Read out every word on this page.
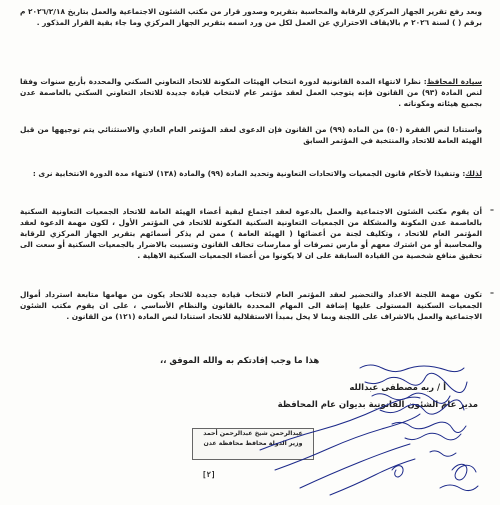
وبعد رفع تقرير الجهاز المركزي للرقابة والمحاسبة بتقريره وصدور قرار من مكتب الشئون الاجتماعية والعمل بتاريخ ٢٠٢٦/٢/١٨ م برقم ( ) لسنة ٢٠٢٦ م بالايقاف الاحترازي عن العمل لكل من ورد اسمه بتقرير الجهاز المركزي وما جاء بقية القرار المذكور .
سيادة المحافظ: نظرا لانتهاء المدة القانونية لدورة انتخاب الهيئات المكونة للاتحاد التعاوني السكني والمحددة بأربع سنوات وفقا لنص المادة (٩٣) من القانون فإنه يتوجب العمل لعقد مؤتمر عام لانتخاب قيادة جديدة للاتحاد التعاوني السكني بالعاصمة عدن بجميع هيئاته ومكوناته .
واستنادا لنص الفقرة (٥٠) من المادة (٩٩) من القانون فإن الدعوى لعقد المؤتمر العام العادي والاستثنائي يتم توجيهها من قبل الهيئة العامة للاتحاد والمنتخبة في المؤتمر السابق
لذلك: وتنفيذا لأحكام قانون الجمعيات والاتحادات التعاونية وتحديد المادة (٩٩) والمادة (١٣٨) لانتهاء مدة الدورة الانتخابية نرى :
–
أن يقوم مكتب الشئون الاجتماعية والعمل بالدعوة لعقد اجتماع لبقية أعضاء الهيئة العامة للاتحاد الجمعيات التعاونية السكنية بالعاصمة عدن المكونة والمشكلة من الجمعيات التعاونية السكنية المكونة للاتحاد في المؤتمر الأول ، لكون مهمة الدعوة لعقد المؤتمر العام للاتحاد ، وتكليف لجنة من أعضائها ( الهيئة العامة ) ممن لم يذكر أسمائهم بتقرير الجهاز المركزي للرقابة والمحاسبة أو من اشترك معهم أو مارس تصرفات أو ممارسات تخالف القانون وتسببت بالاضرار بالجمعيات السكنية أو سعت الى تحقيق منافع شخصية من القيادة السابقة على ان لا يكونوا من أعضاء الجمعيات السكنية الاهلية .
–
تكون مهمة اللجنة الاعداد والتحضير لعقد المؤتمر العام لانتخاب قيادة جديدة للاتحاد يكون من مهامها متابعة استرداد أموال الجمعيات السكنية المستولى عليها إضافة الى المهام المحددة بالقانون والنظام الأساسي ، على ان يقوم مكتب الشئون الاجتماعية والعمل بالاشراف على اللجنة وبما لا يخل بمبدأ الاستقلالية للاتحاد استنادا لنص المادة (١٢١) من القانون .
هذا ما وجب إفادتكم به والله الموفق ،،
أ / ربه مصطفى عبدالله
مدير عام الشئون القانونية بديوان عام المحافظة
عبدالرحمن شيخ عبدالرحمن أحمد
وزير الدولة محافظ محافظة عدن
[٢]
